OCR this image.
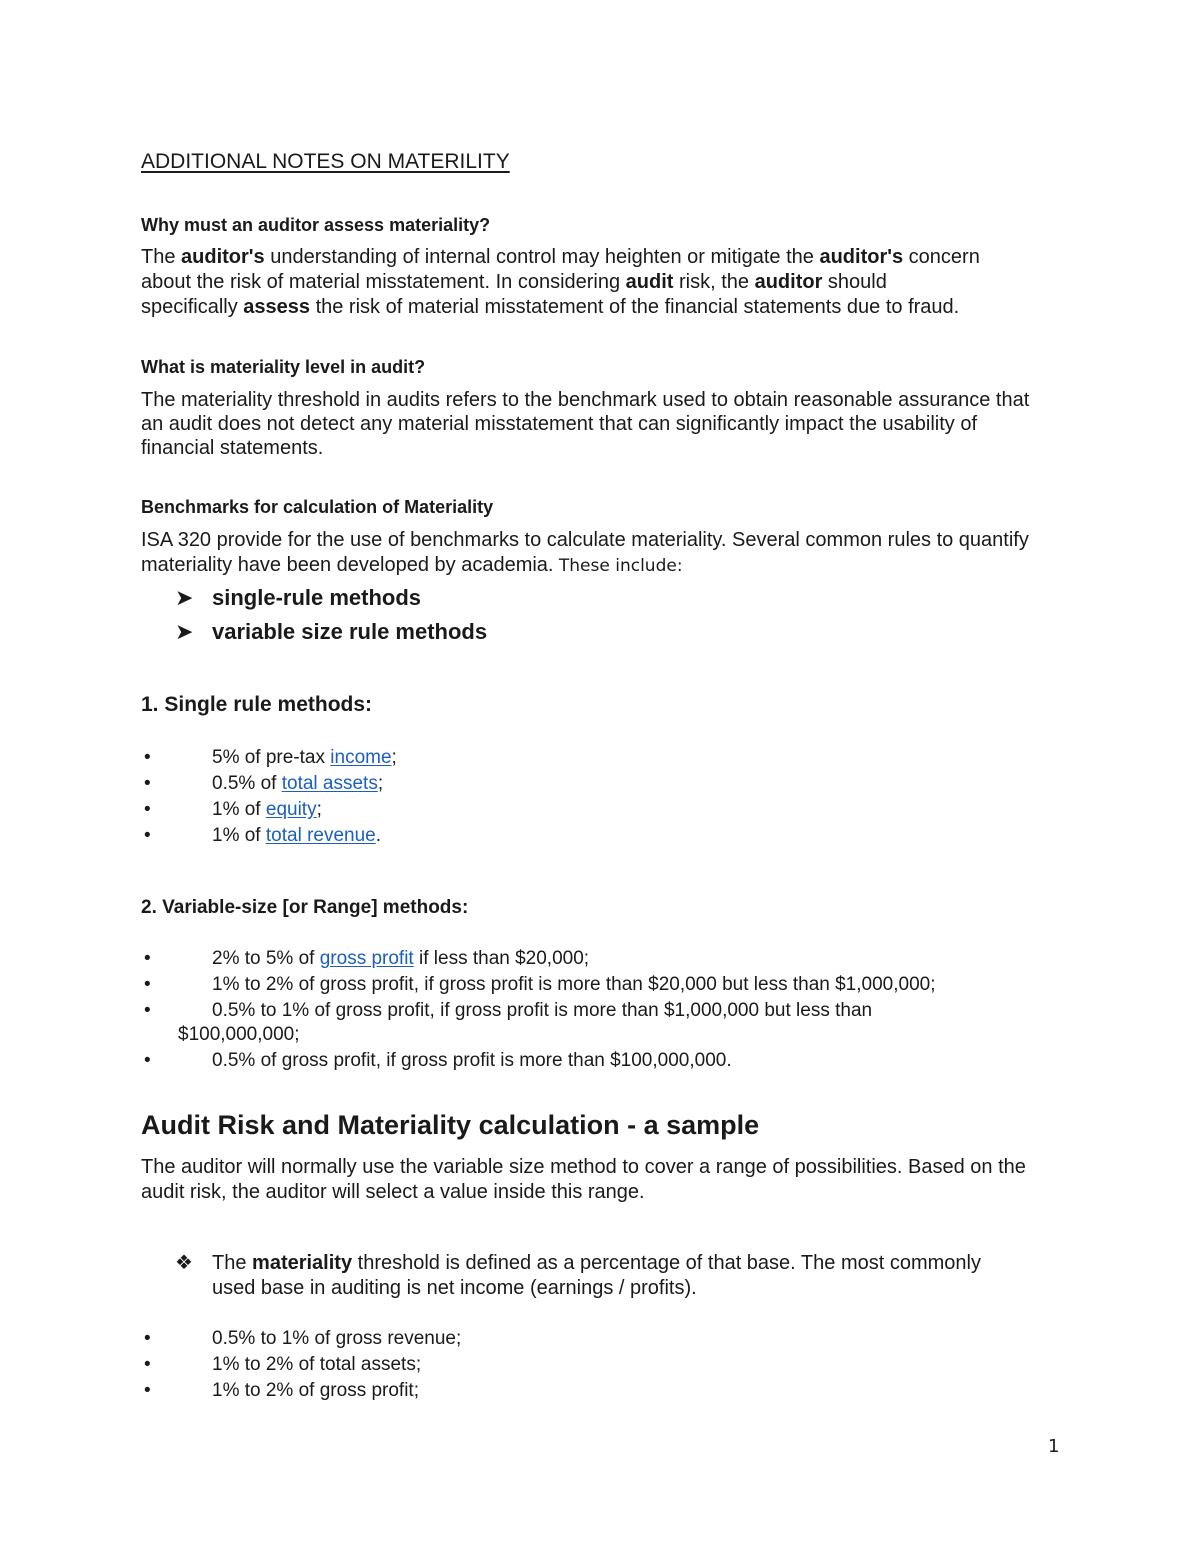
ADDITIONAL NOTES ON MATERILITY
Why must an auditor assess materiality?
The auditor's understanding of internal control may heighten or mitigate the auditor's concern
about the risk of material misstatement. In considering audit risk, the auditor should
specifically assess the risk of material misstatement of the financial statements due to fraud.
What is materiality level in audit?
The materiality threshold in audits refers to the benchmark used to obtain reasonable assurance that
an audit does not detect any material misstatement that can significantly impact the usability of
financial statements.
Benchmarks for calculation of Materiality
ISA 320 provide for the use of benchmarks to calculate materiality. Several common rules to quantify
materiality have been developed by academia. These include:
➤ single-rule methods
➤ variable size rule methods
1. Single rule methods:
•	5% of pre-tax income;
•	0.5% of total assets;
•	1% of equity;
•	1% of total revenue.
2. Variable-size [or Range] methods:
•	2% to 5% of gross profit if less than $20,000;
•	1% to 2% of gross profit, if gross profit is more than $20,000 but less than $1,000,000;
•	0.5% to 1% of gross profit, if gross profit is more than $1,000,000 but less than
$100,000,000;
•	0.5% of gross profit, if gross profit is more than $100,000,000.
Audit Risk and Materiality calculation - a sample
The auditor will normally use the variable size method to cover a range of possibilities. Based on the
audit risk, the auditor will select a value inside this range.
❖ The materiality threshold is defined as a percentage of that base. The most commonly
used base in auditing is net income (earnings / profits).
•	0.5% to 1% of gross revenue;
•	1% to 2% of total assets;
•	1% to 2% of gross profit;
1
